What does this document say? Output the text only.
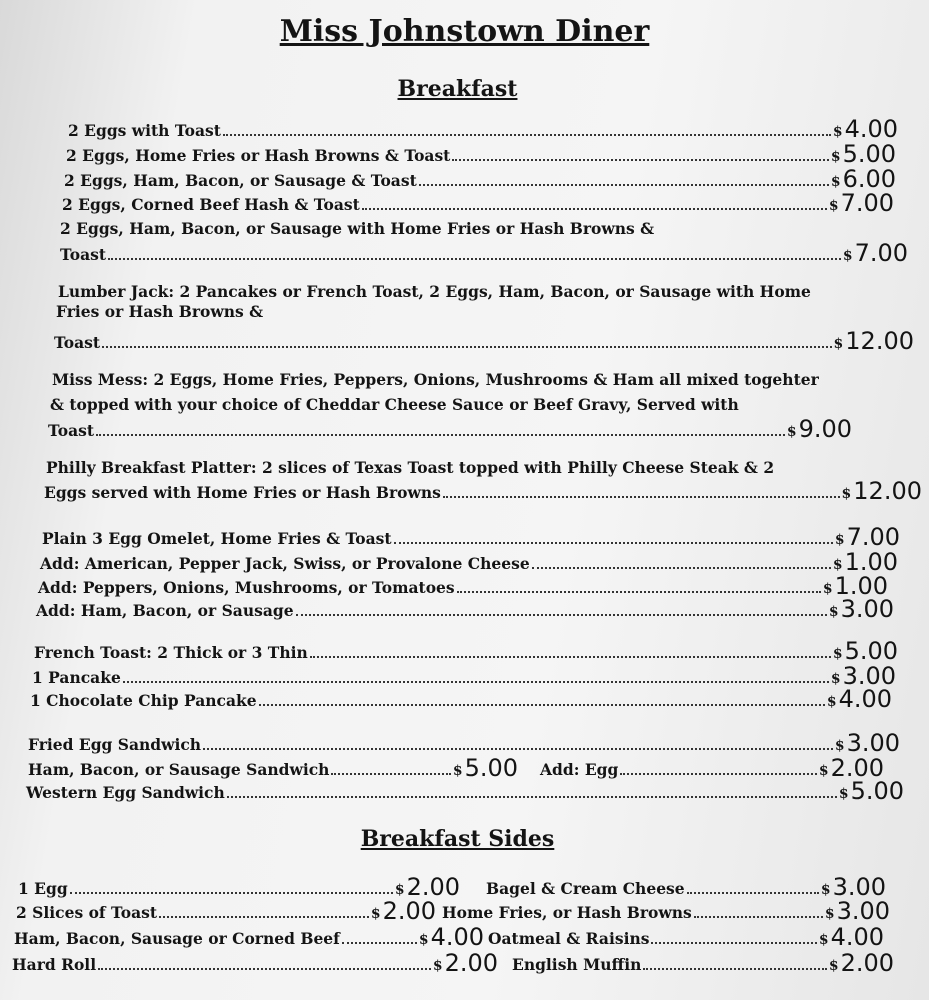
Miss Johnstown Diner
Breakfast
2 Eggs with Toast	$ 4.00
2 Eggs, Home Fries or Hash Browns & Toast	$ 5.00
2 Eggs, Ham, Bacon, or Sausage & Toast	$ 6.00
2 Eggs, Corned Beef Hash & Toast	$ 7.00
2 Eggs, Ham, Bacon, or Sausage with Home Fries or Hash Browns &
Toast	$ 7.00
Lumber Jack: 2 Pancakes or French Toast, 2 Eggs, Ham, Bacon, or Sausage with Home
Fries or Hash Browns &
Toast	$ 12.00
Miss Mess: 2 Eggs, Home Fries, Peppers, Onions, Mushrooms & Ham all mixed togehter
& topped with your choice of Cheddar Cheese Sauce or Beef Gravy, Served with
Toast	$ 9.00
Philly Breakfast Platter: 2 slices of Texas Toast topped with Philly Cheese Steak & 2
Eggs served with Home Fries or Hash Browns	$ 12.00
Plain 3 Egg Omelet, Home Fries & Toast	$ 7.00
Add: American, Pepper Jack, Swiss, or Provalone Cheese	$ 1.00
Add: Peppers, Onions, Mushrooms, or Tomatoes	$ 1.00
Add: Ham, Bacon, or Sausage	$ 3.00
French Toast: 2 Thick or 3 Thin	$ 5.00
1 Pancake	$ 3.00
1 Chocolate Chip Pancake	$ 4.00
Fried Egg Sandwich	$ 3.00
Ham, Bacon, or Sausage Sandwich	$ 5.00 Add: Egg	$ 2.00
Western Egg Sandwich	$ 5.00
Breakfast Sides
1 Egg	$ 2.00
2 Slices of Toast	$ 2.00
Ham, Bacon, Sausage or Corned Beef	$ 4.00
Hard Roll	$ 2.00
Bagel & Cream Cheese	$ 3.00
Home Fries, or Hash Browns	$ 3.00
Oatmeal & Raisins	$ 4.00
English Muffin	$ 2.00
